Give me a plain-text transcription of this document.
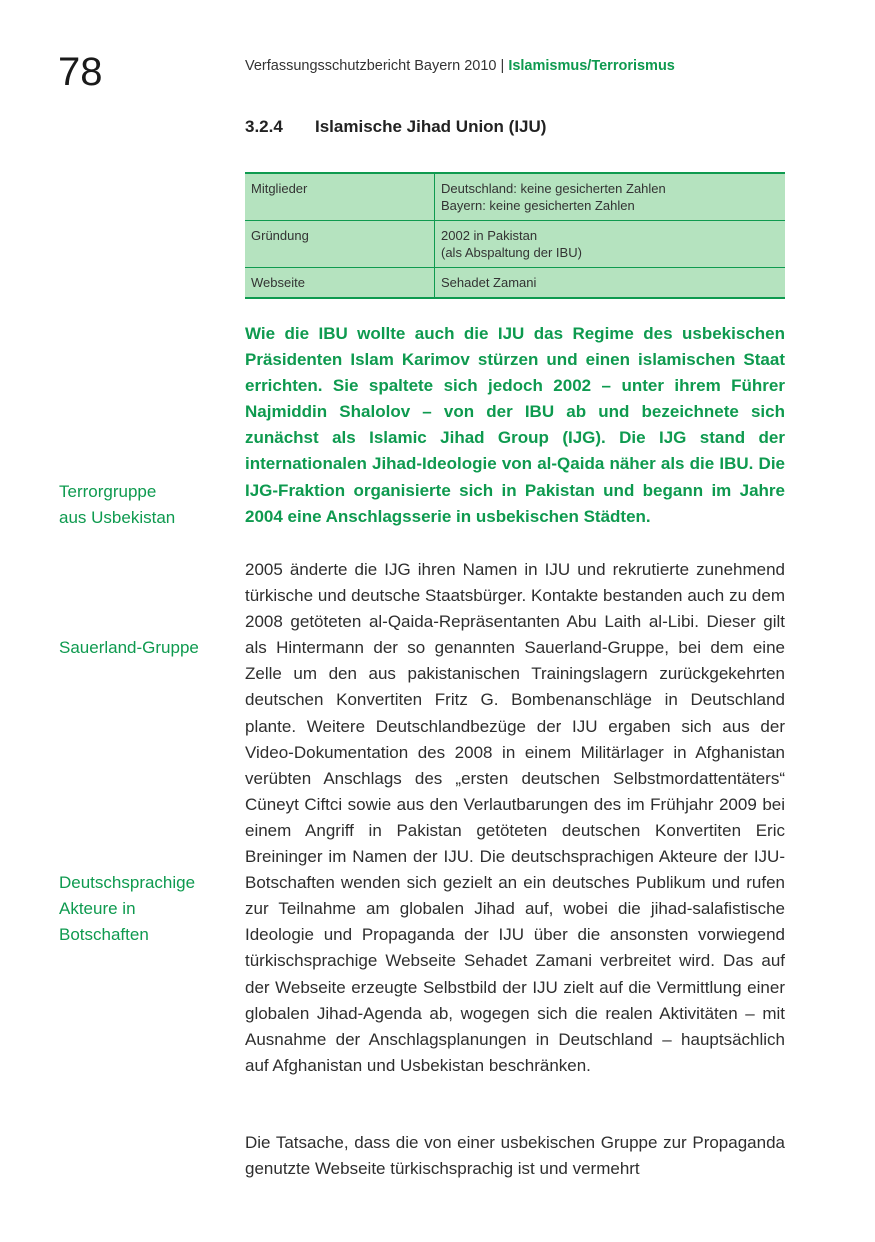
78	Verfassungsschutzbericht Bayern 2010 | Islamismus/Terrorismus
3.2.4 Islamische Jihad Union (IJU)
Mitglieder	Deutschland: keine gesicherten Zahlen
Bayern: keine gesicherten Zahlen

Gründung	2002 in Pakistan
(als Abspaltung der IBU)

Webseite	Sehadet Zamani

Wie die IBU wollte auch die IJU das Regime des usbekischen Präsidenten Islam Karimov stürzen und einen islamischen Staat errichten. Sie spaltete sich jedoch 2002 – unter ihrem Führer Najmiddin Shalolov – von der IBU ab und bezeichnete sich zunächst als Islamic Jihad Group (IJG). Die IJG stand der internationalen Jihad-Ideologie von al-Qaida näher als die IBU. Die IJG-Fraktion organisierte sich in Pakistan und begann im Jahre 2004 eine Anschlagsserie in usbekischen Städten.

2005 änderte die IJG ihren Namen in IJU und rekrutierte zunehmend türkische und deutsche Staatsbürger. Kontakte bestanden auch zu dem 2008 getöteten al-Qaida-Repräsentanten Abu Laith al-Libi. Dieser gilt als Hintermann der so genannten Sauerland-Gruppe, bei dem eine Zelle um den aus pakistanischen Trainingslagern zurückgekehrten deutschen Konvertiten Fritz G. Bombenanschläge in Deutschland plante. Weitere Deutschlandbezüge der IJU ergaben sich aus der Video-Dokumentation des 2008 in einem Militärlager in Afghanistan verübten Anschlags des „ersten deutschen Selbstmordattentäters“ Cüneyt Ciftci sowie aus den Verlautbarungen des im Frühjahr 2009 bei einem Angriff in Pakistan getöteten deutschen Konvertiten Eric Breininger im Namen der IJU. Die deutschsprachigen Akteure der IJU-Botschaften wenden sich gezielt an ein deutsches Publikum und rufen zur Teilnahme am globalen Jihad auf, wobei die jihad-salafistische Ideologie und Propaganda der IJU über die ansonsten vorwiegend türkischsprachige Webseite Sehadet Zamani verbreitet wird. Das auf der Webseite erzeugte Selbstbild der IJU zielt auf die Vermittlung einer globalen Jihad-Agenda ab, wogegen sich die realen Aktivitäten – mit Ausnahme der Anschlagsplanungen in Deutschland – hauptsächlich auf Afghanistan und Usbekistan beschränken.

Die Tatsache, dass die von einer usbekischen Gruppe zur Propaganda genutzte Webseite türkischsprachig ist und vermehrt

Terrorgruppe
aus Usbekistan
Sauerland-Gruppe
Deutschsprachige
Akteure in
Botschaften
